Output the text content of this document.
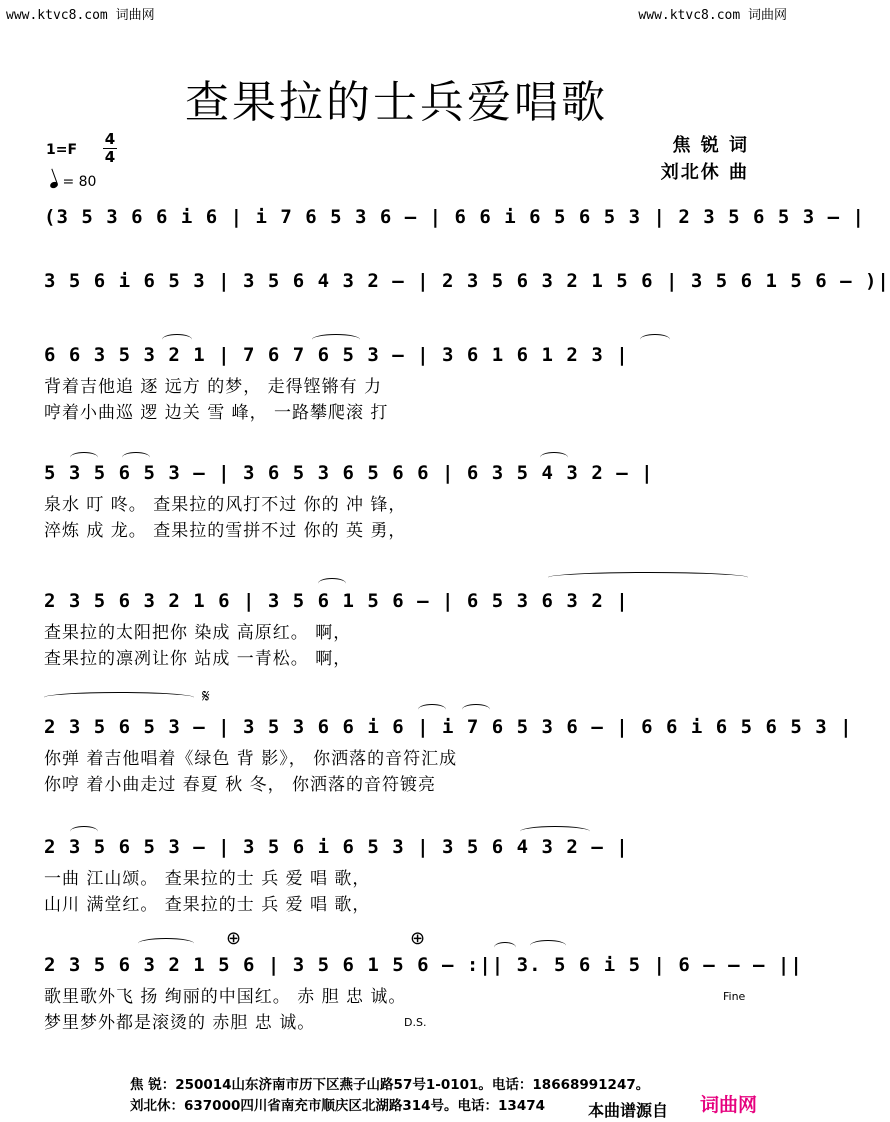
www.ktvc8.com 词曲网	www.ktvc8.com 词曲网
查果拉的士兵爱唱歌
1=F
4
4
= 80
焦 锐 词
刘北休 曲
(3 5 3 6 6 i 6 | i 7 6 5 3 6 – | 6 6 i 6 5 6 5 3 | 2 3 5 6 5 3 – |
3 5 6 i 6 5 3 | 3 5 6 4 3 2 – | 2 3 5 6 3 2 1 5 6 | 3 5 6 1 5 6 – )|
6 6 3 5 3 2 1 | 7 6 7 6 5 3 – | 3 6 1 6 1 2 3 |
背着吉他追 逐 远方 的梦， 走得铿锵有 力
哼着小曲巡 逻 边关 雪 峰， 一路攀爬滚 打
5 3 5 6 5 3 – | 3 6 5 3 6 5 6 6 | 6 3 5 4 3 2 – |
泉水 叮 咚。 查果拉的风打不过 你的 冲 锋，
淬炼 成 龙。 查果拉的雪拼不过 你的 英 勇，
2 3 5 6 3 2 1 6 | 3 5 6 1 5 6 – | 6 5 3 6 3 2 |
查果拉的太阳把你 染成 高原红。 啊，
查果拉的凛冽让你 站成 一青松。 啊，
𝄋
2 3 5 6 5 3 – | 3 5 3 6 6 i 6 | i 7 6 5 3 6 – | 6 6 i 6 5 6 5 3 |
你弹 着吉他唱着《绿色 背 影》， 你洒落的音符汇成
你哼 着小曲走过 春夏 秋 冬， 你洒落的音符镀亮
2 3 5 6 5 3 – | 3 5 6 i 6 5 3 | 3 5 6 4 3 2 – |
一曲 江山颂。 查果拉的士 兵 爱 唱 歌，
山川 满堂红。 查果拉的士 兵 爱 唱 歌，
⊕	⊕
2 3 5 6 3 2 1 5 6 | 3 5 6 1 5 6 – :|| 3. 5 6 i 5 | 6 – – – ||
歌里歌外飞 扬 绚丽的中国红。 赤 胆 忠 诚。
梦里梦外都是滚烫的 赤胆 忠 诚。
Fine
D.S.
焦 锐：250014山东济南市历下区燕子山路57号1-0101。电话：18668991247。
刘北休：637000四川省南充市顺庆区北湖路314号。电话：13474	本曲谱源自 词曲网
